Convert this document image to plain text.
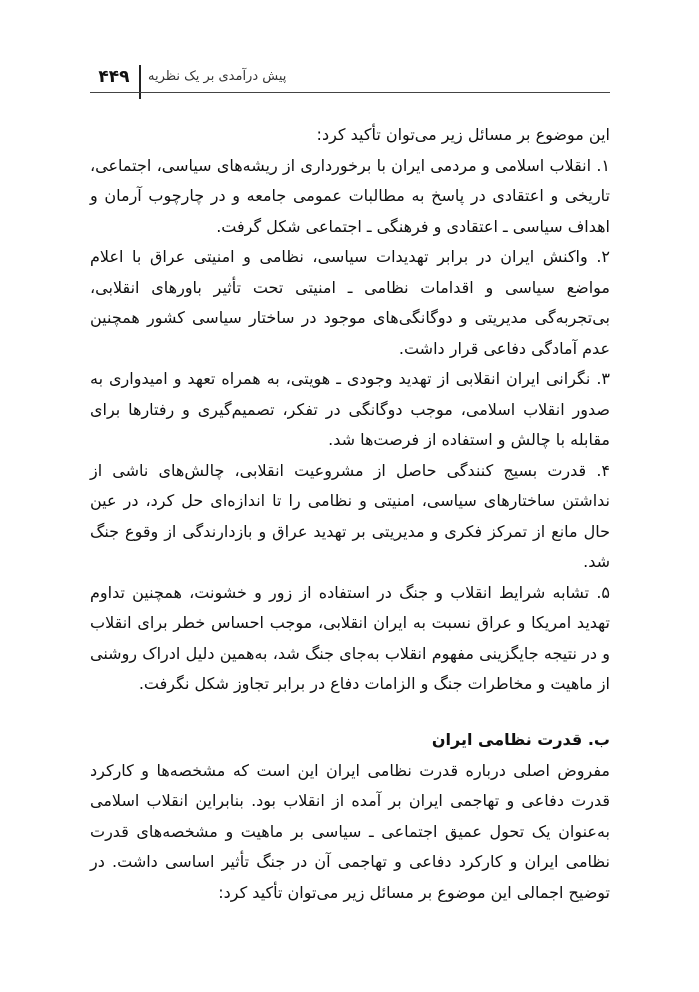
۴۴۹	پیش درآمدی بر یک نظریه

این موضوع بر مسائل زیر می‌توان تأکید کرد:

۱. انقلاب اسلامی و مردمی ایران با برخورداری از ریشه‌های سیاسی، اجتماعی، تاریخی و اعتقادی در پاسخ به مطالبات عمومی جامعه و در چارچوب آرمان و اهداف سیاسی ـ اعتقادی و فرهنگی ـ اجتماعی شکل گرفت.

۲. واکنش ایران در برابر تهدیدات سیاسی، نظامی و امنیتی عراق با اعلام مواضع سیاسی و اقدامات نظامی ـ امنیتی تحت تأثیر باورهای انقلابی، بی‌تجربه‌گی مدیریتی و دوگانگی‌های موجود در ساختار سیاسی کشور همچنین عدم آمادگی دفاعی قرار داشت.

۳. نگرانی ایران انقلابی از تهدید وجودی ـ هویتی، به همراه تعهد و امیدواری به صدور انقلاب اسلامی، موجب دوگانگی در تفکر، تصمیم‌گیری و رفتارها برای مقابله با چالش و استفاده از فرصت‌ها شد.

۴. قدرت بسیج کنندگی حاصل از مشروعیت انقلابی، چالش‌های ناشی از نداشتن ساختارهای سیاسی، امنیتی و نظامی را تا اندازه‌ای حل کرد، در عین حال مانع از تمرکز فکری و مدیریتی بر تهدید عراق و بازدارندگی از وقوع جنگ شد.

۵. تشابه شرایط انقلاب و جنگ در استفاده از زور و خشونت، همچنین تداوم تهدید امریکا و عراق نسبت به ایران انقلابی، موجب احساس خطر برای انقلاب و در نتیجه جایگزینی مفهوم انقلاب به‌جای جنگ شد، به‌همین دلیل ادراک روشنی از ماهیت و مخاطرات جنگ و الزامات دفاع در برابر تجاوز شکل نگرفت.

ب. قدرت نظامی ایران

مفروض اصلی درباره قدرت نظامی ایران این است که مشخصه‌ها و کارکرد قدرت دفاعی و تهاجمی ایران بر آمده از انقلاب بود. بنابراین انقلاب اسلامی به‌عنوان یک تحول عمیق اجتماعی ـ سیاسی بر ماهیت و مشخصه‌های قدرت نظامی ایران و کارکرد دفاعی و تهاجمی آن در جنگ تأثیر اساسی داشت. در توضیح اجمالی این موضوع بر مسائل زیر می‌توان تأکید کرد:
